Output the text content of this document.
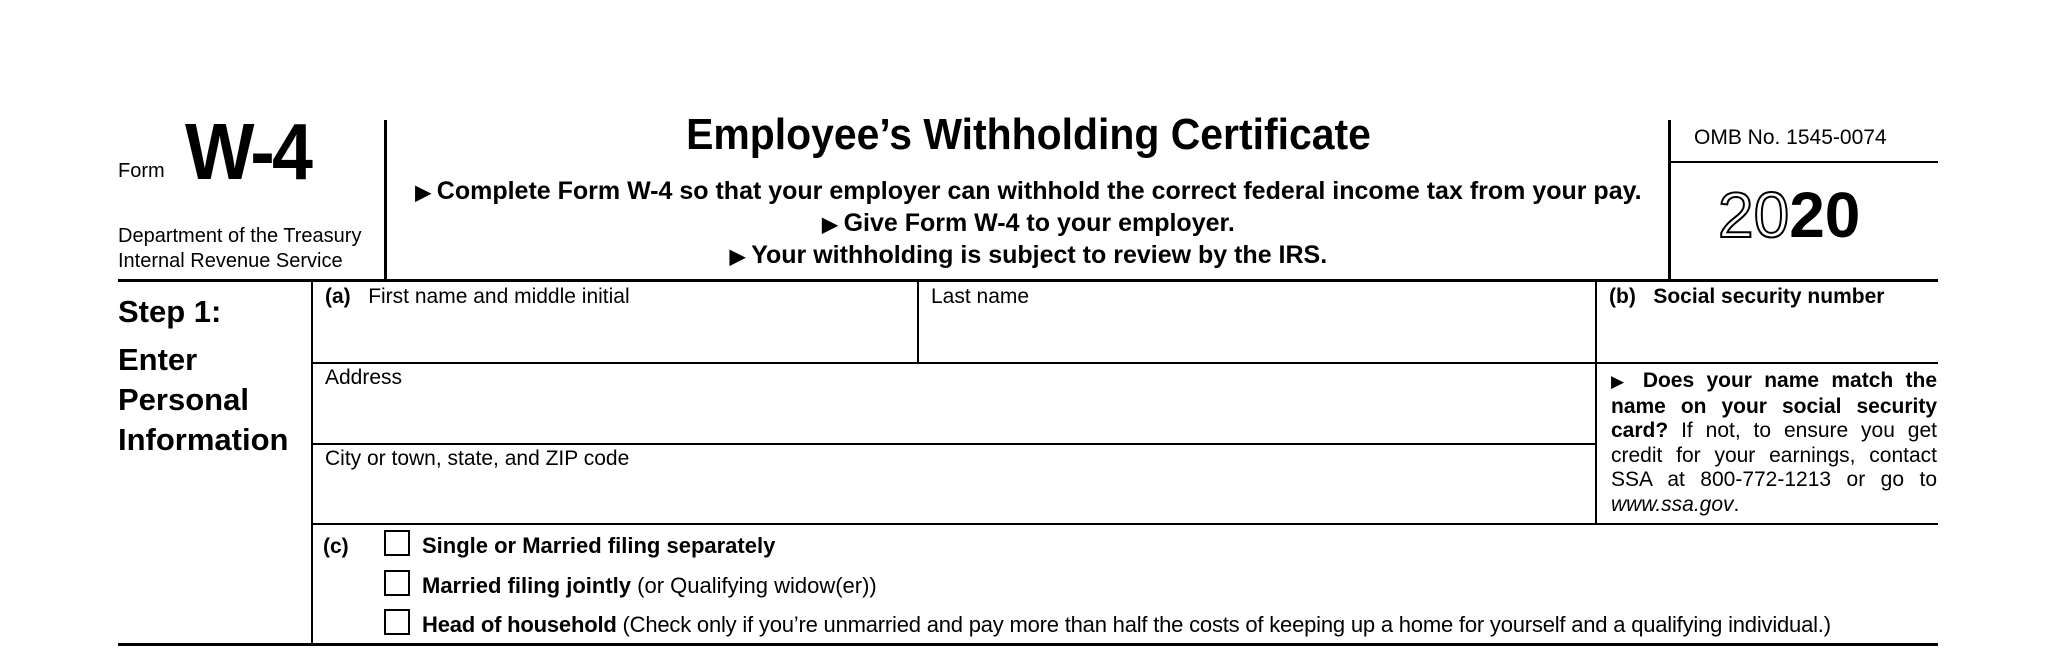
Form W-4
Department of the Treasury
Internal Revenue Service
Employee’s Withholding Certificate
▶ Complete Form W-4 so that your employer can withhold the correct federal income tax from your pay.
▶ Give Form W-4 to your employer.
▶ Your withholding is subject to review by the IRS.
OMB No. 1545-0074
2020
Step 1:
Enter
Personal
Information
(a) First name and middle initial	Last name	(b) Social security number
Address
City or town, state, and ZIP code
▶ Does your name match the name on your social security card? If not, to ensure you get credit for your earnings, contact SSA at 800-772-1213 or go to www.ssa.gov.
(c)	Single or Married filing separately
Married filing jointly (or Qualifying widow(er))
Head of household (Check only if you’re unmarried and pay more than half the costs of keeping up a home for yourself and a qualifying individual.)
